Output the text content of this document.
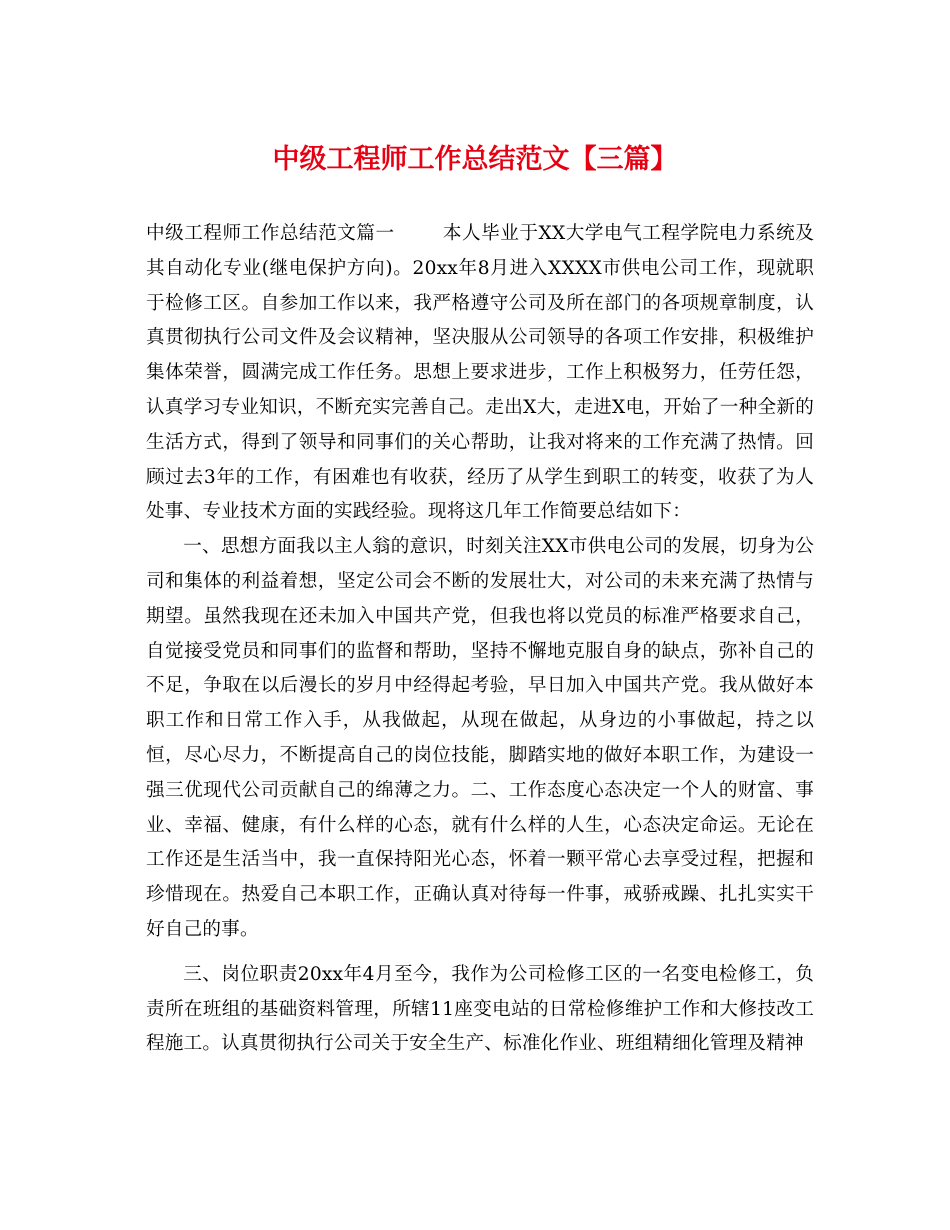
中级工程师工作总结范文【三篇】

中级工程师工作总结范文篇一	本人毕业于XX大学电气工程学院电力系统及其自动化专业(继电保护方向)。20xx年8月进入XXXX市供电公司工作，现就职于检修工区。自参加工作以来，我严格遵守公司及所在部门的各项规章制度，认真贯彻执行公司文件及会议精神，坚决服从公司领导的各项工作安排，积极维护集体荣誉，圆满完成工作任务。思想上要求进步，工作上积极努力，任劳任怨，认真学习专业知识，不断充实完善自己。走出X大，走进X电，开始了一种全新的生活方式，得到了领导和同事们的关心帮助，让我对将来的工作充满了热情。回顾过去3年的工作，有困难也有收获，经历了从学生到职工的转变，收获了为人处事、专业技术方面的实践经验。现将这几年工作简要总结如下：

一、思想方面我以主人翁的意识，时刻关注XX市供电公司的发展，切身为公司和集体的利益着想，坚定公司会不断的发展壮大，对公司的未来充满了热情与期望。虽然我现在还未加入中国共产党，但我也将以党员的标准严格要求自己，自觉接受党员和同事们的监督和帮助，坚持不懈地克服自身的缺点，弥补自己的不足，争取在以后漫长的岁月中经得起考验，早日加入中国共产党。我从做好本职工作和日常工作入手，从我做起，从现在做起，从身边的小事做起，持之以恒，尽心尽力，不断提高自己的岗位技能，脚踏实地的做好本职工作，为建设一强三优现代公司贡献自己的绵薄之力。二、工作态度心态决定一个人的财富、事业、幸福、健康，有什么样的心态，就有什么样的人生，心态决定命运。无论在工作还是生活当中，我一直保持阳光心态，怀着一颗平常心去享受过程，把握和珍惜现在。热爱自己本职工作，正确认真对待每一件事，戒骄戒躁、扎扎实实干好自己的事。

三、岗位职责20xx年4月至今，我作为公司检修工区的一名变电检修工，负责所在班组的基础资料管理，所辖11座变电站的日常检修维护工作和大修技改工程施工。认真贯彻执行公司关于安全生产、标准化作业、班组精细化管理及精神
